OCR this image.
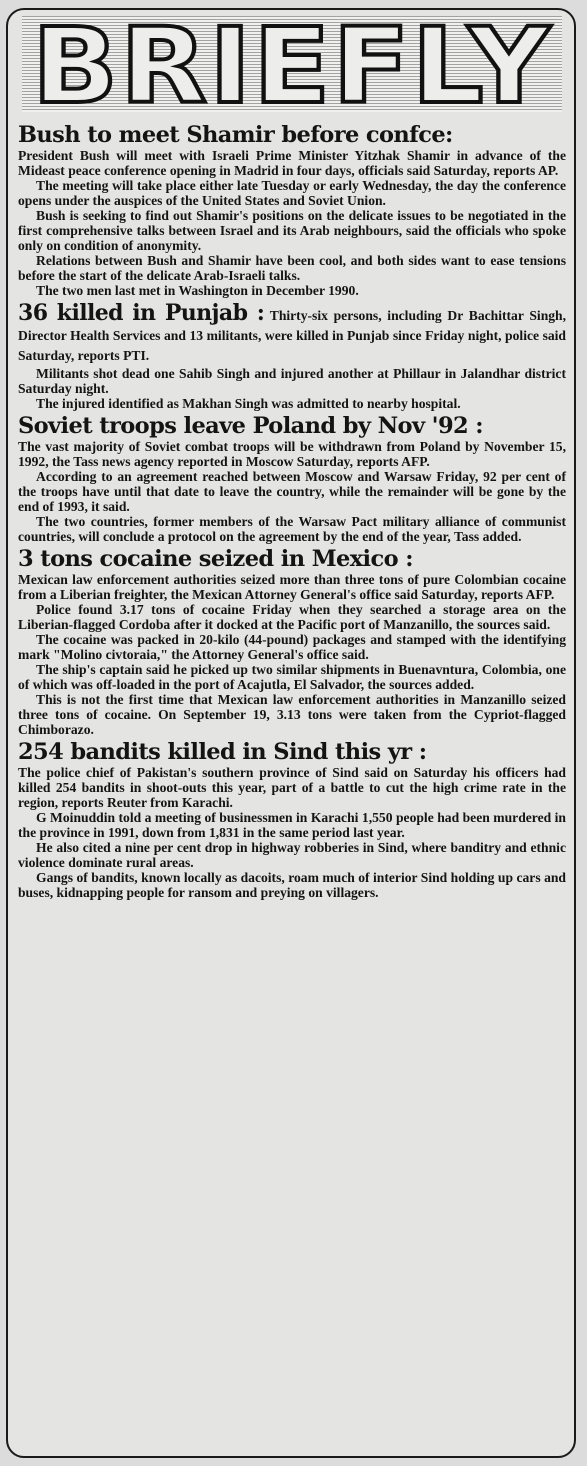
BRIEFLY

Bush to meet Shamir before confce:

President Bush will meet with Israeli Prime Minister Yitzhak Shamir in advance of the Mideast peace conference opening in Madrid in four days, officials said Saturday, reports AP.

The meeting will take place either late Tuesday or early Wednesday, the day the conference opens under the auspices of the United States and Soviet Union.

Bush is seeking to find out Shamir's positions on the delicate issues to be negotiated in the first comprehensive talks between Israel and its Arab neighbours, said the officials who spoke only on condition of anonymity.

Relations between Bush and Shamir have been cool, and both sides want to ease tensions before the start of the delicate Arab-Israeli talks.

The two men last met in Washington in December 1990.

36 killed in Punjab : Thirty-six persons, including Dr Bachittar Singh, Director Health Services and 13 militants, were killed in Punjab since Friday night, police said Saturday, reports PTI.

Militants shot dead one Sahib Singh and injured another at Phillaur in Jalandhar district Saturday night.

The injured identified as Makhan Singh was admitted to nearby hospital.

Soviet troops leave Poland by Nov '92 :

The vast majority of Soviet combat troops will be withdrawn from Poland by November 15, 1992, the Tass news agency reported in Moscow Saturday, reports AFP.

According to an agreement reached between Moscow and Warsaw Friday, 92 per cent of the troops have until that date to leave the country, while the remainder will be gone by the end of 1993, it said.

The two countries, former members of the Warsaw Pact military alliance of communist countries, will conclude a protocol on the agreement by the end of the year, Tass added.

3 tons cocaine seized in Mexico :

Mexican law enforcement authorities seized more than three tons of pure Colombian cocaine from a Liberian freighter, the Mexican Attorney General's office said Saturday, reports AFP.

Police found 3.17 tons of cocaine Friday when they searched a storage area on the Liberian-flagged Cordoba after it docked at the Pacific port of Manzanillo, the sources said.

The cocaine was packed in 20-kilo (44-pound) packages and stamped with the identifying mark "Molino civtoraia," the Attorney General's office said.

The ship's captain said he picked up two similar shipments in Buenavntura, Colombia, one of which was off-loaded in the port of Acajutla, El Salvador, the sources added.

This is not the first time that Mexican law enforcement authorities in Manzanillo seized three tons of cocaine. On September 19, 3.13 tons were taken from the Cypriot-flagged Chimborazo.

254 bandits killed in Sind this yr :

The police chief of Pakistan's southern province of Sind said on Saturday his officers had killed 254 bandits in shoot-outs this year, part of a battle to cut the high crime rate in the region, reports Reuter from Karachi.

G Moinuddin told a meeting of businessmen in Karachi 1,550 people had been murdered in the province in 1991, down from 1,831 in the same period last year.

He also cited a nine per cent drop in highway robberies in Sind, where banditry and ethnic violence dominate rural areas.

Gangs of bandits, known locally as dacoits, roam much of interior Sind holding up cars and buses, kidnapping people for ransom and preying on villagers.
